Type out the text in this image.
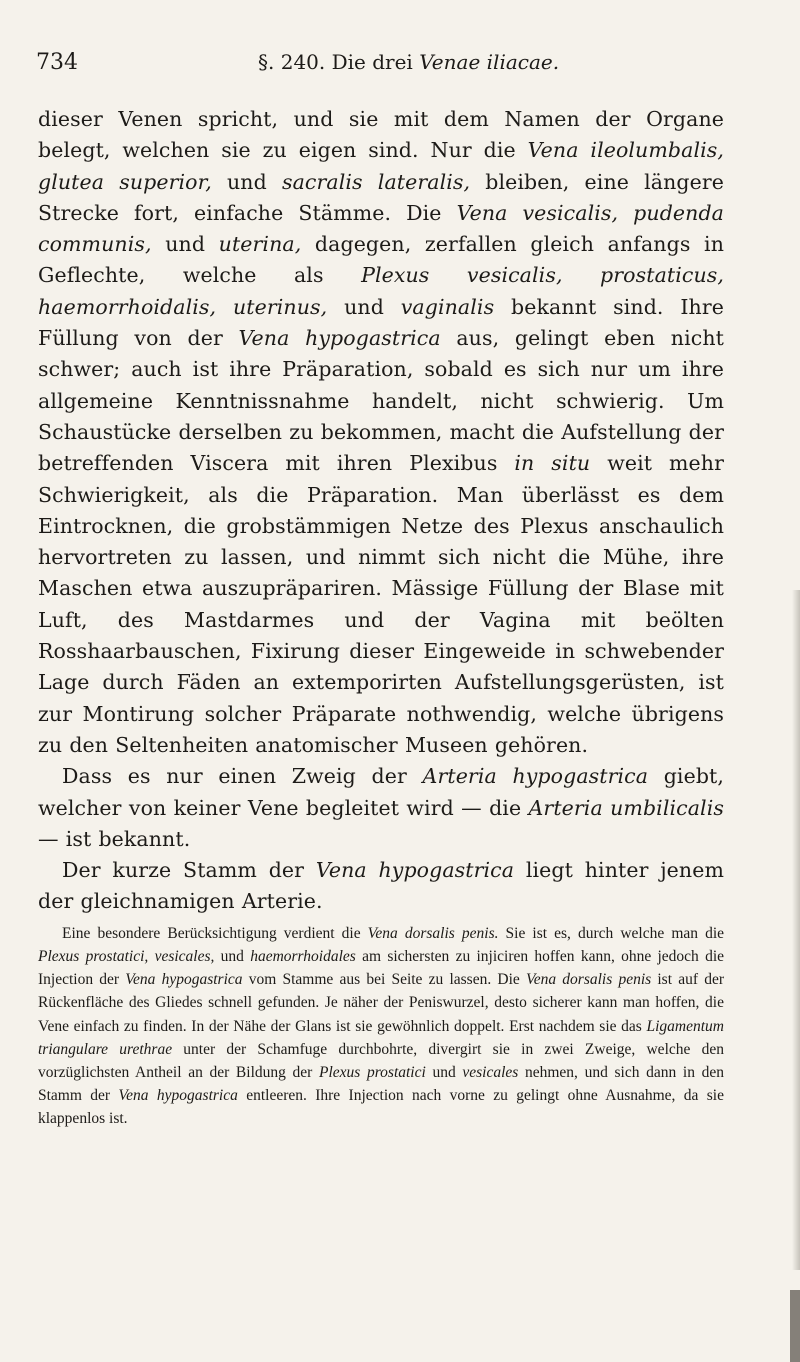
734	§. 240. Die drei Venae iliacae.

dieser Venen spricht, und sie mit dem Namen der Organe belegt, welchen sie zu eigen sind. Nur die Vena ileolumbalis, glutea superior, und sacralis lateralis, bleiben, eine längere Strecke fort, einfache Stämme. Die Vena vesicalis, pudenda communis, und uterina, dagegen, zerfallen gleich anfangs in Geflechte, welche als Plexus vesicalis, prostaticus, haemorrhoidalis, uterinus, und vaginalis bekannt sind. Ihre Füllung von der Vena hypogastrica aus, gelingt eben nicht schwer; auch ist ihre Präparation, sobald es sich nur um ihre allgemeine Kenntnissnahme handelt, nicht schwierig. Um Schaustücke derselben zu bekommen, macht die Aufstellung der betreffenden Viscera mit ihren Plexibus in situ weit mehr Schwierigkeit, als die Präparation. Man überlässt es dem Eintrocknen, die grobstämmigen Netze des Plexus anschaulich hervortreten zu lassen, und nimmt sich nicht die Mühe, ihre Maschen etwa auszupräpariren. Mässige Füllung der Blase mit Luft, des Mastdarmes und der Vagina mit beölten Rosshaarbauschen, Fixirung dieser Eingeweide in schwebender Lage durch Fäden an extemporirten Aufstellungsgerüsten, ist zur Montirung solcher Präparate nothwendig, welche übrigens zu den Seltenheiten anatomischer Museen gehören.

Dass es nur einen Zweig der Arteria hypogastrica giebt, welcher von keiner Vene begleitet wird — die Arteria umbilicalis — ist bekannt.

Der kurze Stamm der Vena hypogastrica liegt hinter jenem der gleichnamigen Arterie.

Eine besondere Berücksichtigung verdient die Vena dorsalis penis. Sie ist es, durch welche man die Plexus prostatici, vesicales, und haemorrhoidales am sichersten zu injiciren hoffen kann, ohne jedoch die Injection der Vena hypogastrica vom Stamme aus bei Seite zu lassen. Die Vena dorsalis penis ist auf der Rückenfläche des Gliedes schnell gefunden. Je näher der Peniswurzel, desto sicherer kann man hoffen, die Vene einfach zu finden. In der Nähe der Glans ist sie gewöhnlich doppelt. Erst nachdem sie das Ligamentum triangulare urethrae unter der Schamfuge durchbohrte, divergirt sie in zwei Zweige, welche den vorzüglichsten Antheil an der Bildung der Plexus prostatici und vesicales nehmen, und sich dann in den Stamm der Vena hypogastrica entleeren. Ihre Injection nach vorne zu gelingt ohne Ausnahme, da sie klappenlos ist.
